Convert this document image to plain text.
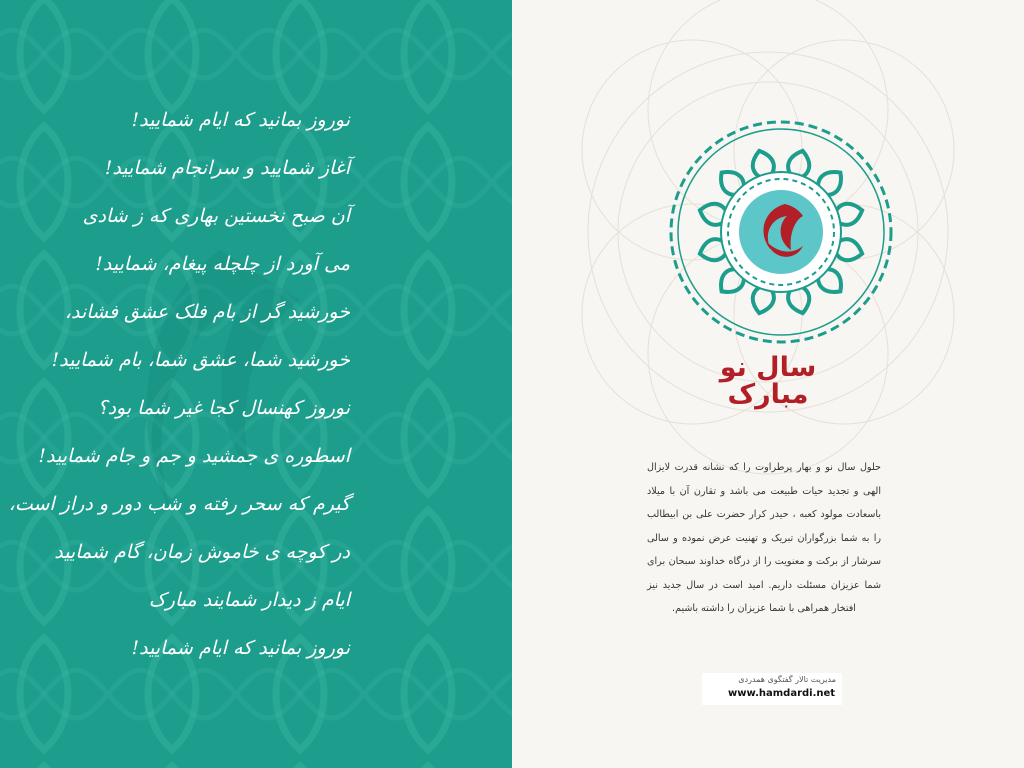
نوروز بمانید که ایام شمایید!
آغاز شمایید و سرانجام شمایید!
آن صبح نخستین بهاری که ز شادی
می آورد از چلچله پیغام، شمایید!
خورشید گر از بام فلک عشق فشاند،
خورشید شما، عشق شما، بام شمایید!
نوروز کهنسال کجا غیر شما بود؟
اسطوره ی جمشید و جم و جام شمایید!
گیرم که سحر رفته و شب دور و دراز است،
در کوچه ی خاموش زمان، گام شمایید
ایام ز دیدار شمایند مبارک
نوروز بمانید که ایام شمایید!
سال نو
مبارک

حلول سال نو و بهار پرطراوت را که نشانه قدرت لایزال الهی و تجدید حیات طبیعت می باشد و تقارن آن با میلاد باسعادت مولود کعبه ، حیدر کرار حضرت علی بن ابیطالب را به شما بزرگواران تبریک و تهنیت عرض نموده و سالی سرشار از برکت و معنویت را از درگاه خداوند سبحان برای شما عزیزان مسئلت داریم. امید است در سال جدید نیز افتخار همراهی با شما عزیزان را داشته باشیم.

مدیریت تالار گفتگوی همدردی
www.hamdardi.net
